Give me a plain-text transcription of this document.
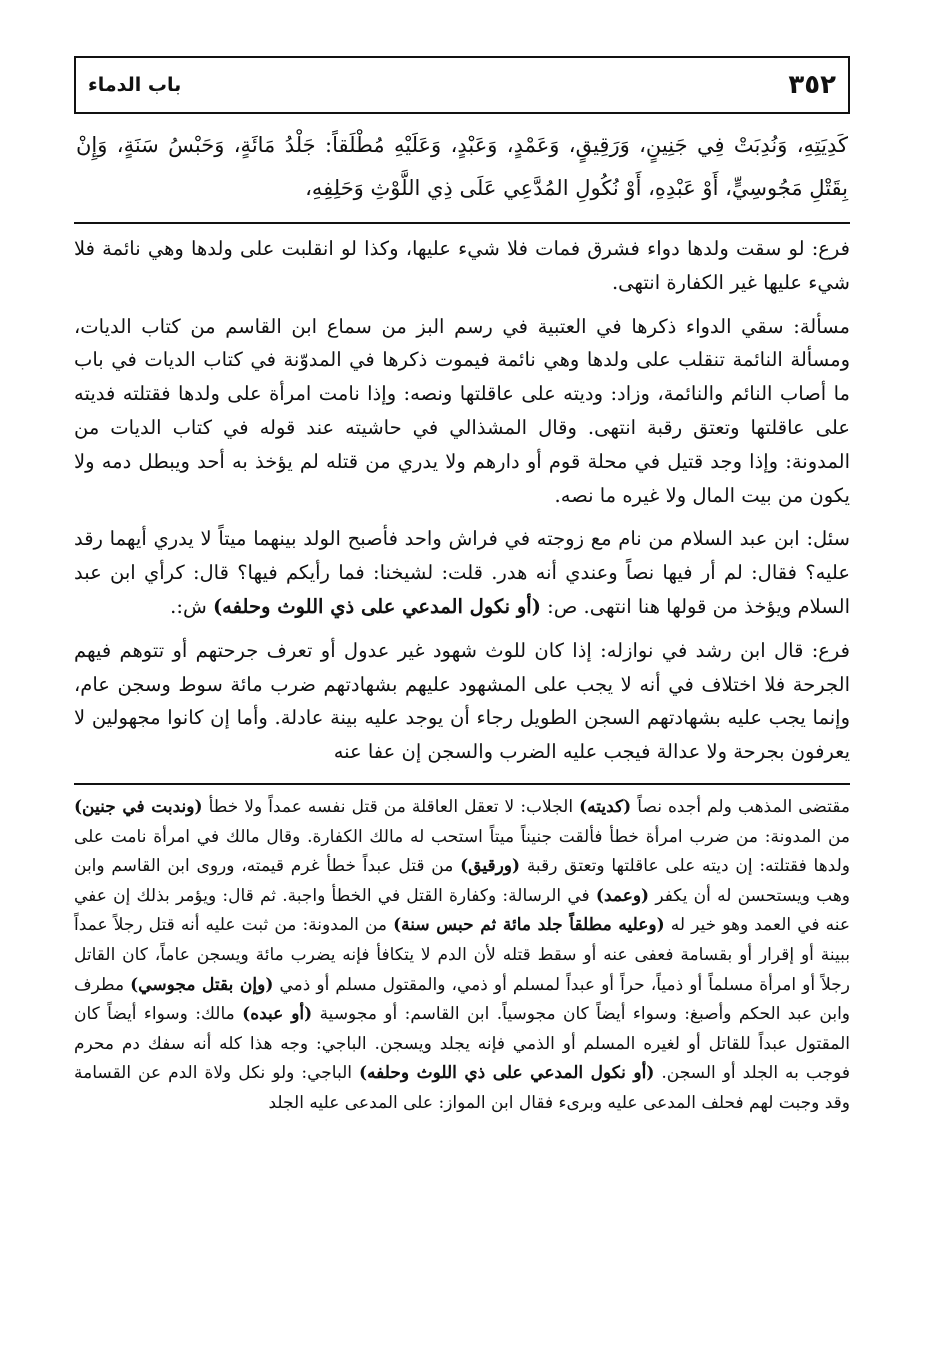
٣٥٢
باب الدماء
كَدِيَتِهِ، وَنُدِبَتْ فِي جَنِينٍ، وَرَقِيقٍ، وَعَمْدٍ، وَعَبْدٍ، وَعَلَيْهِ مُطْلَقاً: جَلْدُ مَائَةٍ، وَحَبْسُ سَنَةٍ، وَإِنْ بِقَتْلِ مَجُوسِيٍّ، أَوْ عَبْدِهِ، أَوْ نُكُولِ المُدَّعِي عَلَى ذِي اللَّوْثِ وَحَلِفِهِ،

فرع: لو سقت ولدها دواء فشرق فمات فلا شيء عليها، وكذا لو انقلبت على ولدها وهي نائمة فلا شيء عليها غير الكفارة انتهى.

مسألة: سقي الدواء ذكرها في العتبية في رسم البز من سماع ابن القاسم من كتاب الديات، ومسألة النائمة تنقلب على ولدها وهي نائمة فيموت ذكرها في المدوّنة في كتاب الديات في باب ما أصاب النائم والنائمة، وزاد: وديته على عاقلتها ونصه: وإذا نامت امرأة على ولدها فقتلته فديته على عاقلتها وتعتق رقبة انتهى. وقال المشذالي في حاشيته عند قوله في كتاب الديات من المدونة: وإذا وجد قتيل في محلة قوم أو دارهم ولا يدري من قتله لم يؤخذ به أحد ويبطل دمه ولا يكون من بيت المال ولا غيره ما نصه.

سئل: ابن عبد السلام من نام مع زوجته في فراش واحد فأصبح الولد بينهما ميتاً لا يدري أيهما رقد عليه؟ فقال: لم أر فيها نصاً وعندي أنه هدر. قلت: لشيخنا: فما رأيكم فيها؟ قال: كرأي ابن عبد السلام ويؤخذ من قولها هنا انتهى. ص: (أو نكول المدعي على ذي اللوث وحلفه) ش:.

فرع: قال ابن رشد في نوازله: إذا كان للوث شهود غير عدول أو تعرف جرحتهم أو تتوهم فيهم الجرحة فلا اختلاف في أنه لا يجب على المشهود عليهم بشهادتهم ضرب مائة سوط وسجن عام، وإنما يجب عليه بشهادتهم السجن الطويل رجاء أن يوجد عليه بينة عادلة. وأما إن كانوا مجهولين لا يعرفون بجرحة ولا عدالة فيجب عليه الضرب والسجن إن عفا عنه

مقتضى المذهب ولم أجده نصاً (كديته) الجلاب: لا تعقل العاقلة من قتل نفسه عمداً ولا خطأ (وندبت في جنين) من المدونة: من ضرب امرأة خطأ فألقت جنيناً ميتاً استحب له مالك الكفارة. وقال مالك في امرأة نامت على ولدها فقتلته: إن ديته على عاقلتها وتعتق رقبة (ورقيق) من قتل عبداً خطأ غرم قيمته، وروى ابن القاسم وابن وهب ويستحسن له أن يكفر (وعمد) في الرسالة: وكفارة القتل في الخطأ واجبة. ثم قال: ويؤمر بذلك إن عفي عنه في العمد وهو خير له (وعليه مطلقاً جلد مائة ثم حبس سنة) من المدونة: من ثبت عليه أنه قتل رجلاً عمداً ببينة أو إقرار أو بقسامة فعفى عنه أو سقط قتله لأن الدم لا يتكافأ فإنه يضرب مائة ويسجن عاماً، كان القاتل رجلاً أو امرأة مسلماً أو ذمياً، حراً أو عبداً لمسلم أو ذمي، والمقتول مسلم أو ذمي (وإن بقتل مجوسي) مطرف وابن عبد الحكم وأصبغ: وسواء أيضاً كان مجوسياً. ابن القاسم: أو مجوسية (أو عبده) مالك: وسواء أيضاً كان المقتول عبداً للقاتل أو لغيره المسلم أو الذمي فإنه يجلد ويسجن. الباجي: وجه هذا كله أنه سفك دم محرم فوجب به الجلد أو السجن. (أو نكول المدعي على ذي اللوث وحلفه) الباجي: ولو نكل ولاة الدم عن القسامة وقد وجبت لهم فحلف المدعى عليه وبرىء فقال ابن المواز: على المدعى عليه الجلد
